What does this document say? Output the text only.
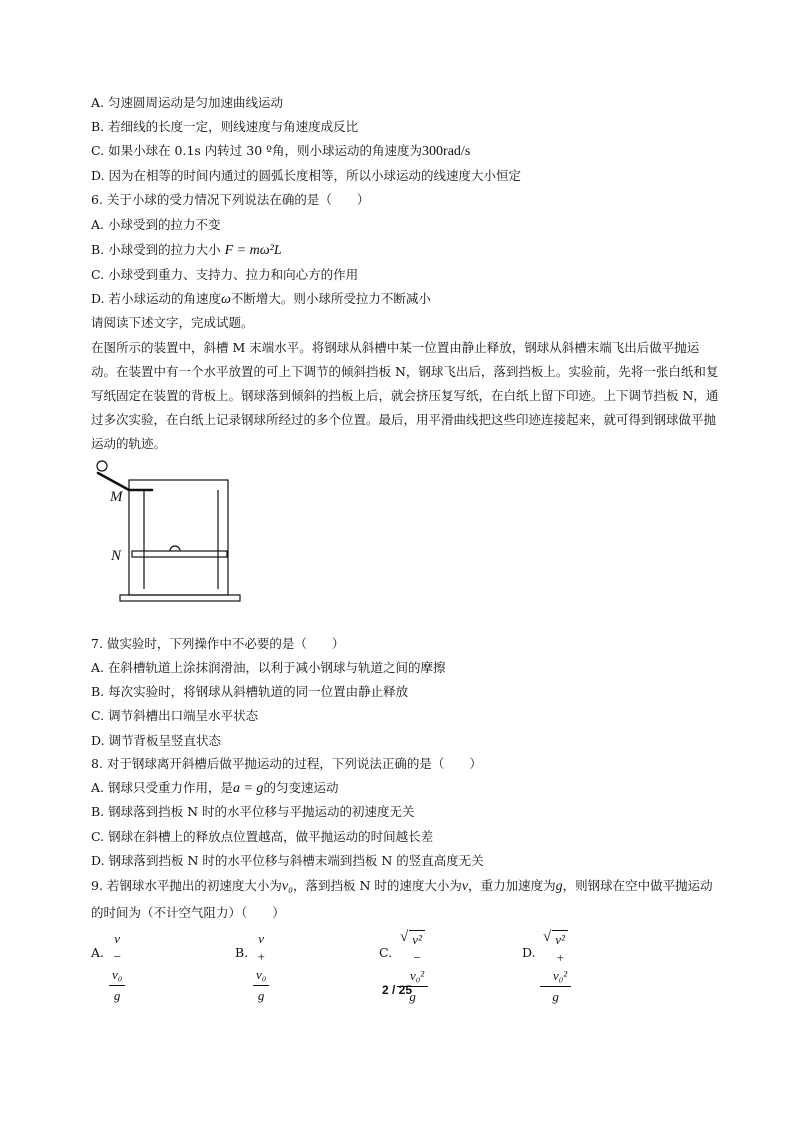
A. 匀速圆周运动是匀加速曲线运动
B. 若细线的长度一定，则线速度与角速度成反比
C. 如果小球在 0.1s 内转过 30 º角，则小球运动的角速度为300rad/s
D. 因为在相等的时间内通过的圆弧长度相等，所以小球运动的线速度大小恒定
6. 关于小球的受力情况下列说法在确的是（　　）
A. 小球受到的拉力不变
B. 小球受到的拉力大小 F = mω²L
C. 小球受到重力、支持力、拉力和向心方的作用
D. 若小球运动的角速度ω不断增大。则小球所受拉力不断减小
请阅读下述文字，完成试题。
在图所示的装置中，斜槽 M 末端水平。将钢球从斜槽中某一位置由静止释放，钢球从斜槽末端飞出后做平抛运
动。在装置中有一个水平放置的可上下调节的倾斜挡板 N，钢球飞出后，落到挡板上。实验前，先将一张白纸和复
写纸固定在装置的背板上。钢球落到倾斜的挡板上后，就会挤压复写纸，在白纸上留下印迹。上下调节挡板 N，通
过多次实验，在白纸上记录钢球所经过的多个位置。最后，用平滑曲线把这些印迹连接起来，就可得到钢球做平抛
运动的轨迹。
M
N
7. 做实验时，下列操作中不必要的是（　　）
A. 在斜槽轨道上涂抹润滑油，以利于减小钢球与轨道之间的摩擦
B. 每次实验时，将钢球从斜槽轨道的同一位置由静止释放
C. 调节斜槽出口端呈水平状态
D. 调节背板呈竖直状态
8. 对于钢球离开斜槽后做平抛运动的过程，下列说法正确的是（　　）
A. 钢球只受重力作用，是a = g的匀变速运动
B. 钢球落到挡板 N 时的水平位移与平抛运动的初速度无关
C. 钢球在斜槽上的释放点位置越高，做平抛运动的时间越长差
D. 钢球落到挡板 N 时的水平位移与斜槽末端到挡板 N 的竖直高度无关
9. 若钢球水平抛出的初速度大小为v₀，落到挡板 N 时的速度大小为v，重力加速度为g，则钢球在空中做平抛运动
的时间为（不计空气阻力）（　　）
A.
v − v₀
g
B.
v + v₀
g
C.
√ v² − v₀²
g
D.
√ v² + v₀²
g
2 / 25
